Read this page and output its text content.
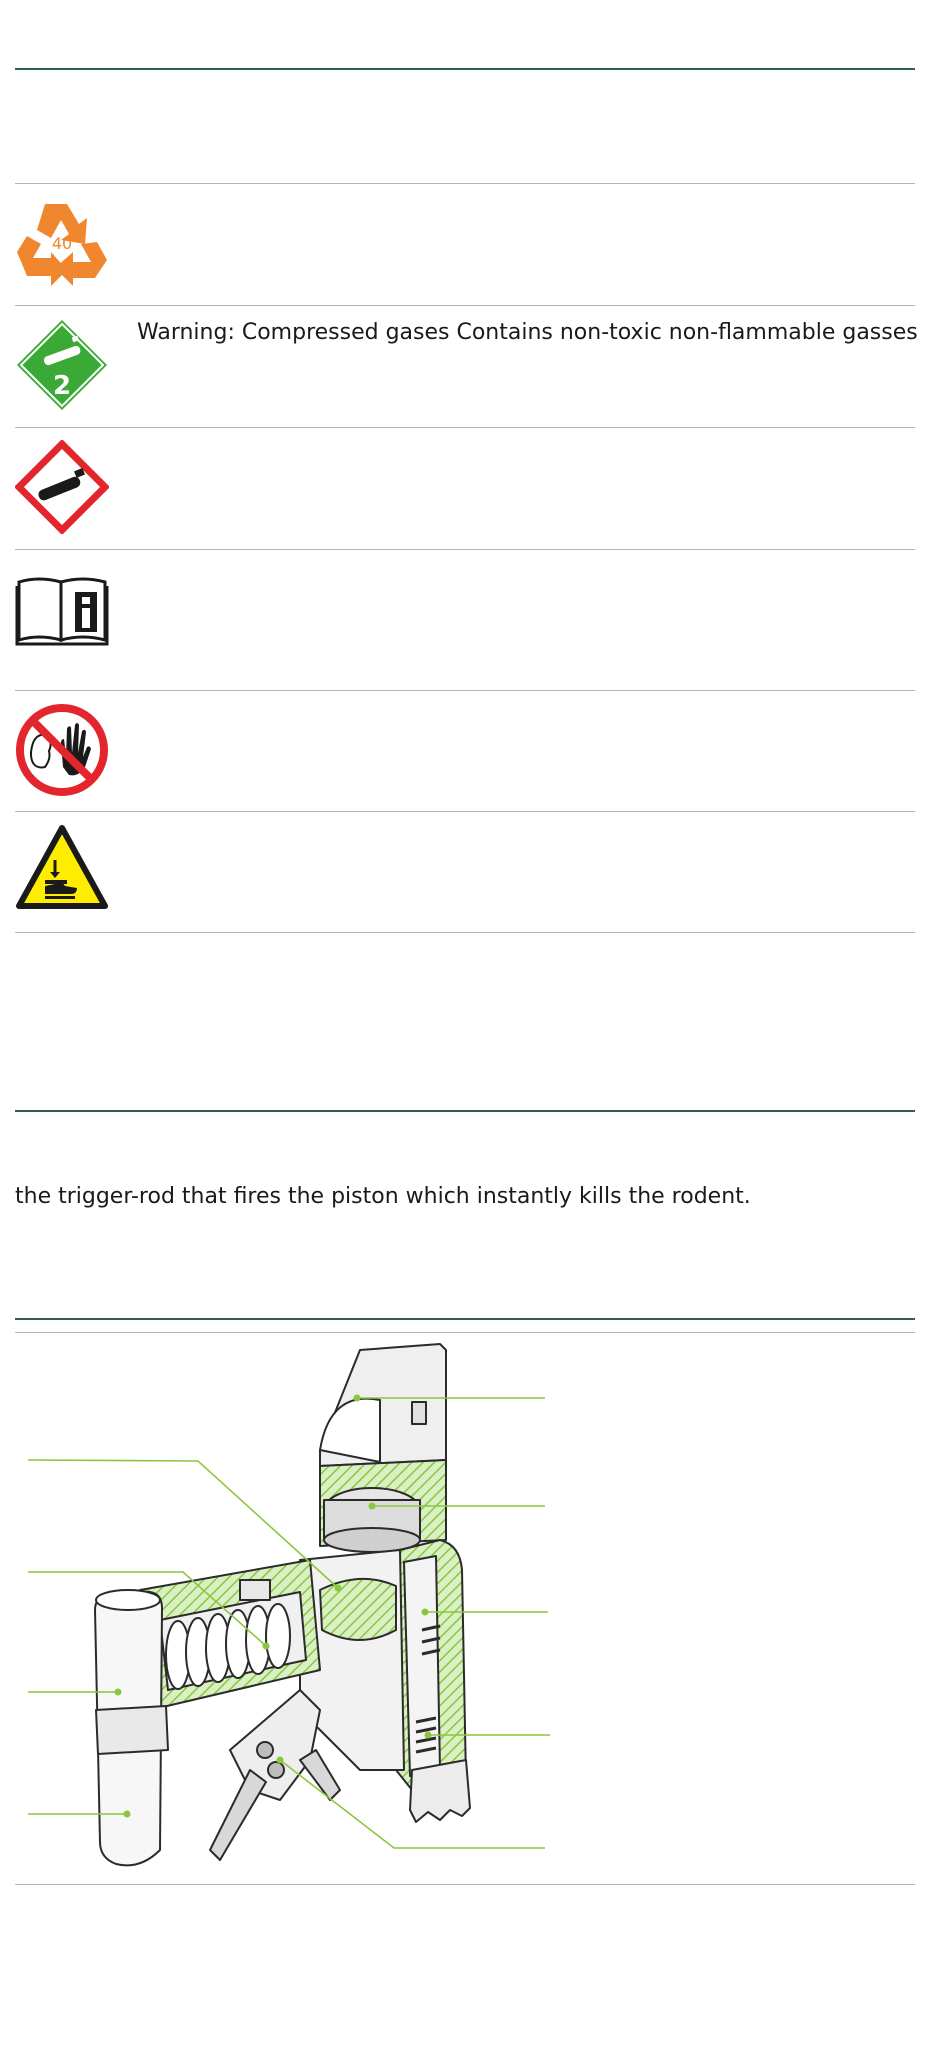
40
2
Warning: Compressed gases Contains non-toxic non-flammable gasses
the trigger-rod that fires the piston which instantly kills the rodent.
